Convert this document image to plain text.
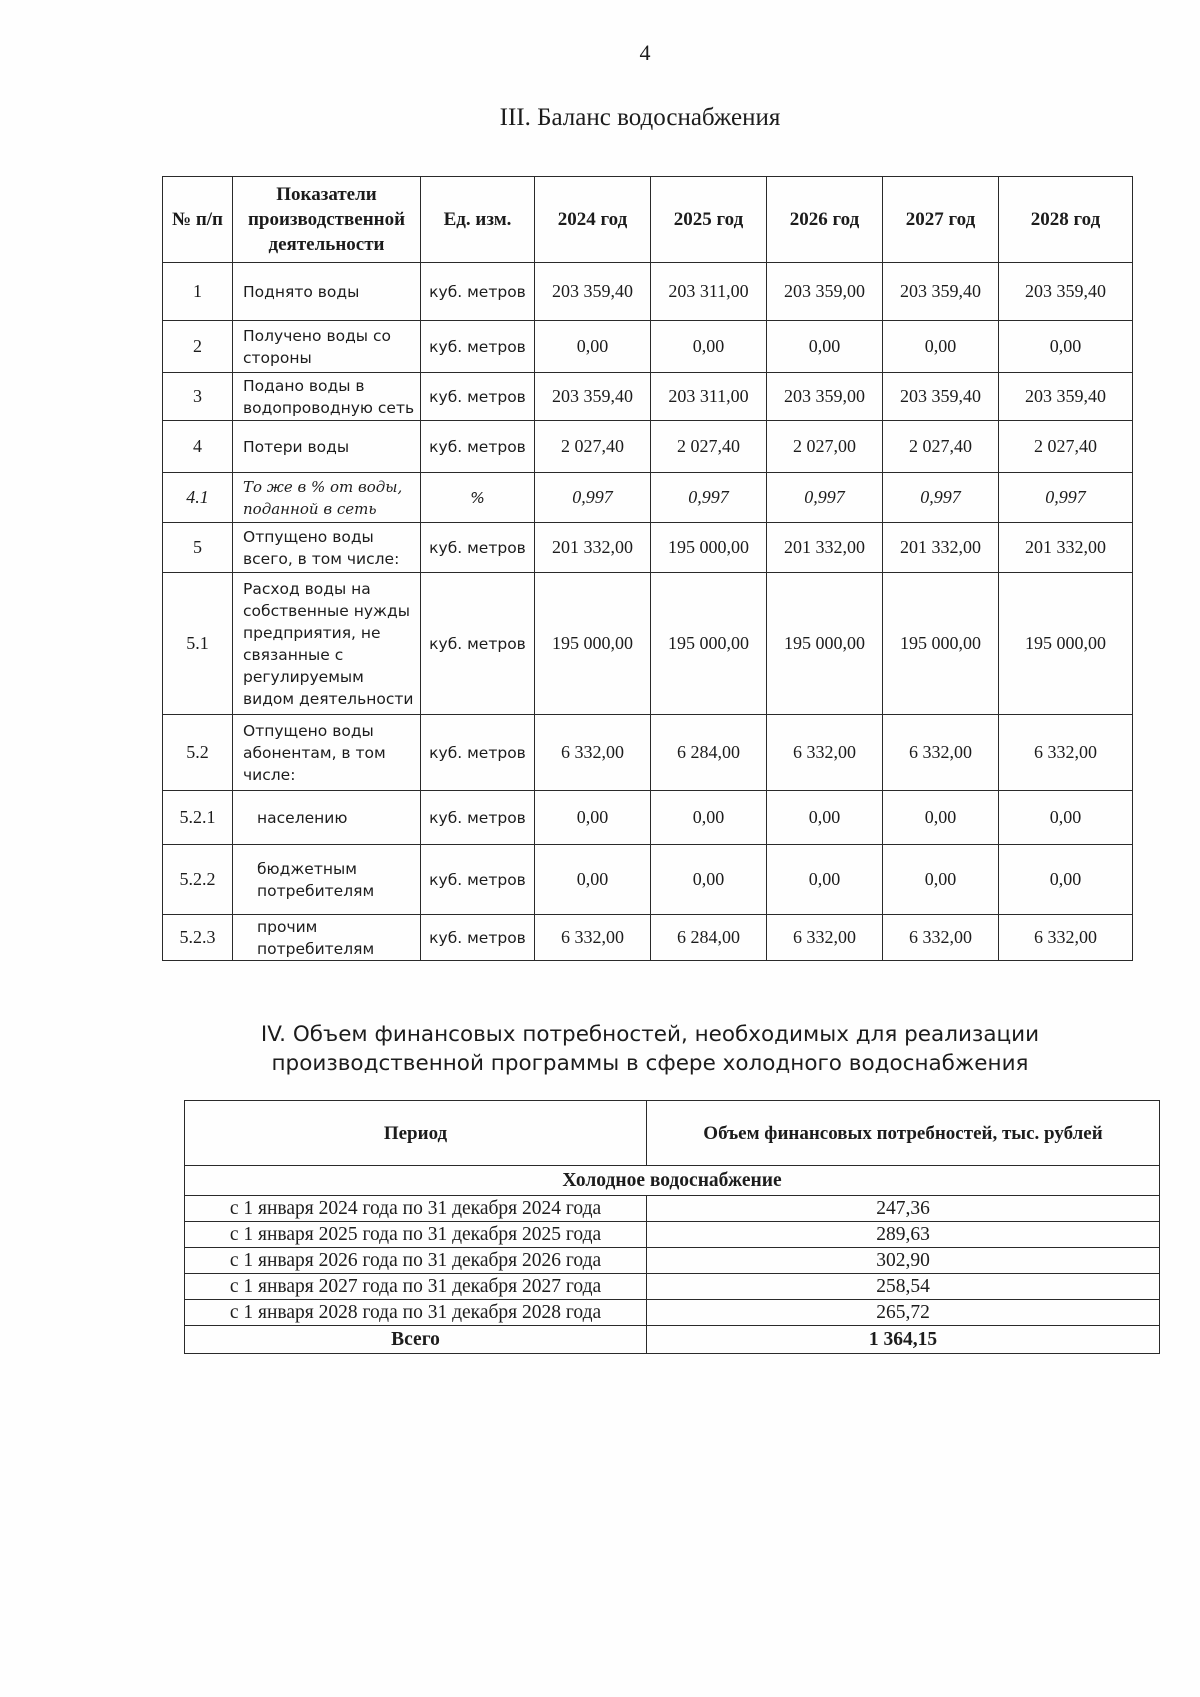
4
III. Баланс водоснабжения
№ п/п	Показатели производственной деятельности	Ед. изм.	2024 год	2025 год	2026 год	2027 год	2028 год
1	Поднято воды	куб. метров	203 359,40	203 311,00	203 359,00	203 359,40	203 359,40
2	Получено воды со стороны	куб. метров	0,00	0,00	0,00	0,00	0,00
3	Подано воды в водопроводную сеть	куб. метров	203 359,40	203 311,00	203 359,00	203 359,40	203 359,40
4	Потери воды	куб. метров	2 027,40	2 027,40	2 027,00	2 027,40	2 027,40
4.1	То же в % от воды, поданной в сеть	%	0,997	0,997	0,997	0,997	0,997
5	Отпущено воды всего, в том числе:	куб. метров	201 332,00	195 000,00	201 332,00	201 332,00	201 332,00
5.1	Расход воды на собственные нужды предприятия, не связанные с регулируемым видом деятельности	куб. метров	195 000,00	195 000,00	195 000,00	195 000,00	195 000,00
5.2	Отпущено воды абонентам, в том числе:	куб. метров	6 332,00	6 284,00	6 332,00	6 332,00	6 332,00
5.2.1	населению	куб. метров	0,00	0,00	0,00	0,00	0,00
5.2.2	бюджетным потребителям	куб. метров	0,00	0,00	0,00	0,00	0,00
5.2.3	прочим потребителям	куб. метров	6 332,00	6 284,00	6 332,00	6 332,00	6 332,00
IV. Объем финансовых потребностей, необходимых для реализации
производственной программы в сфере холодного водоснабжения
Период	Объем финансовых потребностей, тыс. рублей
Холодное водоснабжение	
с 1 января 2024 года по 31 декабря 2024 года	247,36
с 1 января 2025 года по 31 декабря 2025 года	289,63
с 1 января 2026 года по 31 декабря 2026 года	302,90
с 1 января 2027 года по 31 декабря 2027 года	258,54
с 1 января 2028 года по 31 декабря 2028 года	265,72
Всего	1 364,15
